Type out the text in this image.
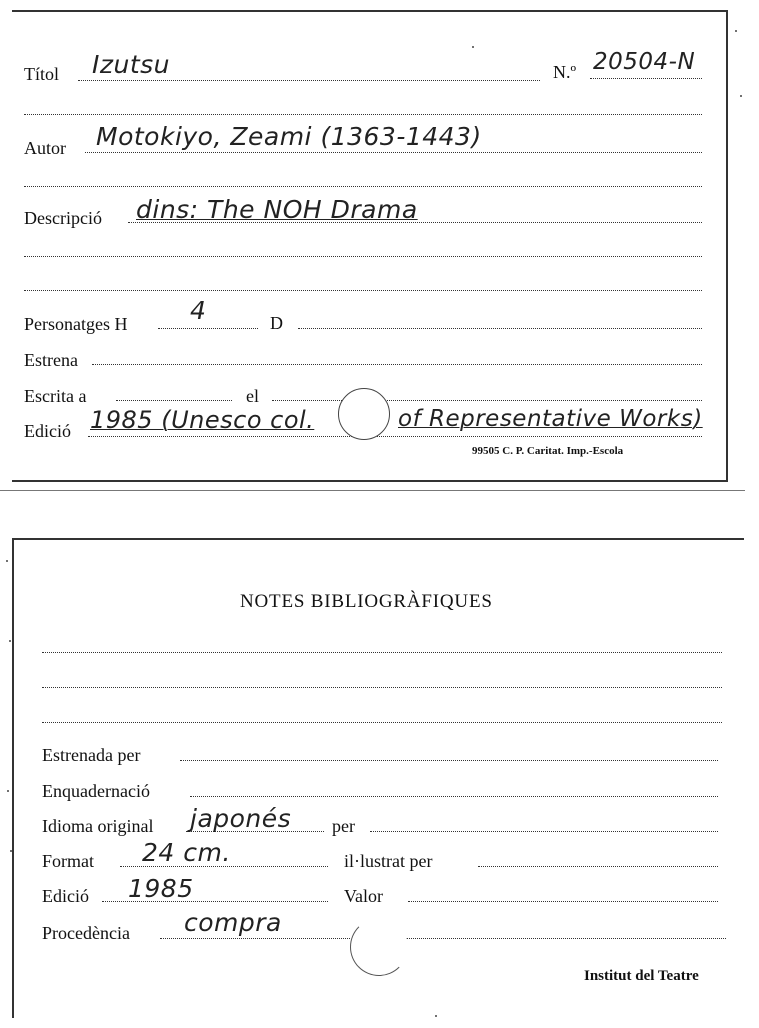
Títol Izutsu	N.º 20504-N
Autor Motokiyo, Zeami (1363-1443)
Descripció dins: The NOH Drama
Personatges H	4	D
Estrena
Escrita a	el
Edició 1985 (Unesco col.	of Representative Works)
99505 C. P. Caritat. Imp.-Escola
NOTES BIBLIOGRÀFIQUES
Estrenada per
Enquadernació
Idioma original japonés per
Format 24 cm.	il·lustrat per
Edició 1985	Valor
Procedència compra
Institut del Teatre
